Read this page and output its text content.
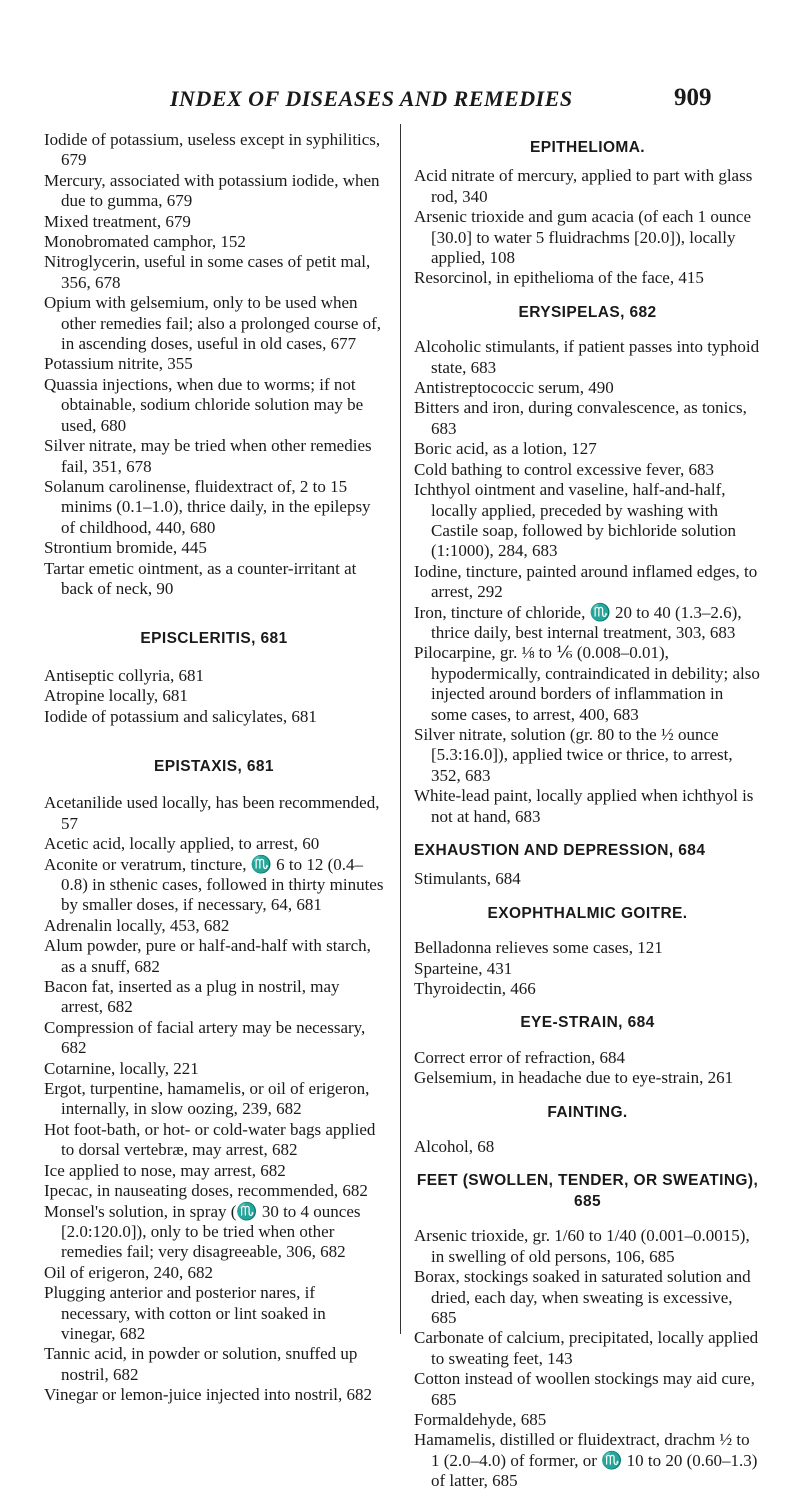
INDEX OF DISEASES AND REMEDIES	909

Iodide of potassium, useless except in syphilitics, 679

Mercury, associated with potassium iodide, when due to gumma, 679

Mixed treatment, 679

Monobromated camphor, 152

Nitroglycerin, useful in some cases of petit mal, 356, 678

Opium with gelsemium, only to be used when other remedies fail; also a prolonged course of, in ascending doses, useful in old cases, 677

Potassium nitrite, 355

Quassia injections, when due to worms; if not obtainable, sodium chloride solution may be used, 680

Silver nitrate, may be tried when other remedies fail, 351, 678

Solanum carolinense, fluidextract of, 2 to 15 minims (0.1–1.0), thrice daily, in the epilepsy of childhood, 440, 680

Strontium bromide, 445

Tartar emetic ointment, as a counter-irritant at back of neck, 90

EPISCLERITIS, 681

Antiseptic collyria, 681

Atropine locally, 681

Iodide of potassium and salicylates, 681

EPISTAXIS, 681

Acetanilide used locally, has been recommended, 57

Acetic acid, locally applied, to arrest, 60

Aconite or veratrum, tincture, ♏ 6 to 12 (0.4–0.8) in sthenic cases, followed in thirty minutes by smaller doses, if necessary, 64, 681

Adrenalin locally, 453, 682

Alum powder, pure or half-and-half with starch, as a snuff, 682

Bacon fat, inserted as a plug in nostril, may arrest, 682

Compression of facial artery may be necessary, 682

Cotarnine, locally, 221

Ergot, turpentine, hamamelis, or oil of erigeron, internally, in slow oozing, 239, 682

Hot foot-bath, or hot- or cold-water bags applied to dorsal vertebræ, may arrest, 682

Ice applied to nose, may arrest, 682

Ipecac, in nauseating doses, recommended, 682

Monsel's solution, in spray (♏ 30 to 4 ounces [2.0:120.0]), only to be tried when other remedies fail; very disagreeable, 306, 682

Oil of erigeron, 240, 682

Plugging anterior and posterior nares, if necessary, with cotton or lint soaked in vinegar, 682

Tannic acid, in powder or solution, snuffed up nostril, 682

Vinegar or lemon-juice injected into nostril, 682

EPITHELIOMA.

Acid nitrate of mercury, applied to part with glass rod, 340

Arsenic trioxide and gum acacia (of each 1 ounce [30.0] to water 5 fluidrachms [20.0]), locally applied, 108

Resorcinol, in epithelioma of the face, 415

ERYSIPELAS, 682

Alcoholic stimulants, if patient passes into typhoid state, 683

Antistreptococcic serum, 490

Bitters and iron, during convalescence, as tonics, 683

Boric acid, as a lotion, 127

Cold bathing to control excessive fever, 683

Ichthyol ointment and vaseline, half-and-half, locally applied, preceded by washing with Castile soap, followed by bichloride solution (1:1000), 284, 683

Iodine, tincture, painted around inflamed edges, to arrest, 292

Iron, tincture of chloride, ♏ 20 to 40 (1.3–2.6), thrice daily, best internal treatment, 303, 683

Pilocarpine, gr. ⅛ to ⅙ (0.008–0.01), hypodermically, contraindicated in debility; also injected around borders of inflammation in some cases, to arrest, 400, 683

Silver nitrate, solution (gr. 80 to the ½ ounce [5.3:16.0]), applied twice or thrice, to arrest, 352, 683

White-lead paint, locally applied when ichthyol is not at hand, 683

EXHAUSTION AND DEPRESSION, 684

Stimulants, 684

EXOPHTHALMIC GOITRE.

Belladonna relieves some cases, 121

Sparteine, 431

Thyroidectin, 466

EYE-STRAIN, 684

Correct error of refraction, 684

Gelsemium, in headache due to eye-strain, 261

FAINTING.

Alcohol, 68

FEET (SWOLLEN, TENDER, OR SWEATING), 685

Arsenic trioxide, gr. 1/60 to 1/40 (0.001–0.0015), in swelling of old persons, 106, 685

Borax, stockings soaked in saturated solution and dried, each day, when sweating is excessive, 685

Carbonate of calcium, precipitated, locally applied to sweating feet, 143

Cotton instead of woollen stockings may aid cure, 685

Formaldehyde, 685

Hamamelis, distilled or fluidextract, drachm ½ to 1 (2.0–4.0) of former, or ♏ 10 to 20 (0.60–1.3) of latter, 685
